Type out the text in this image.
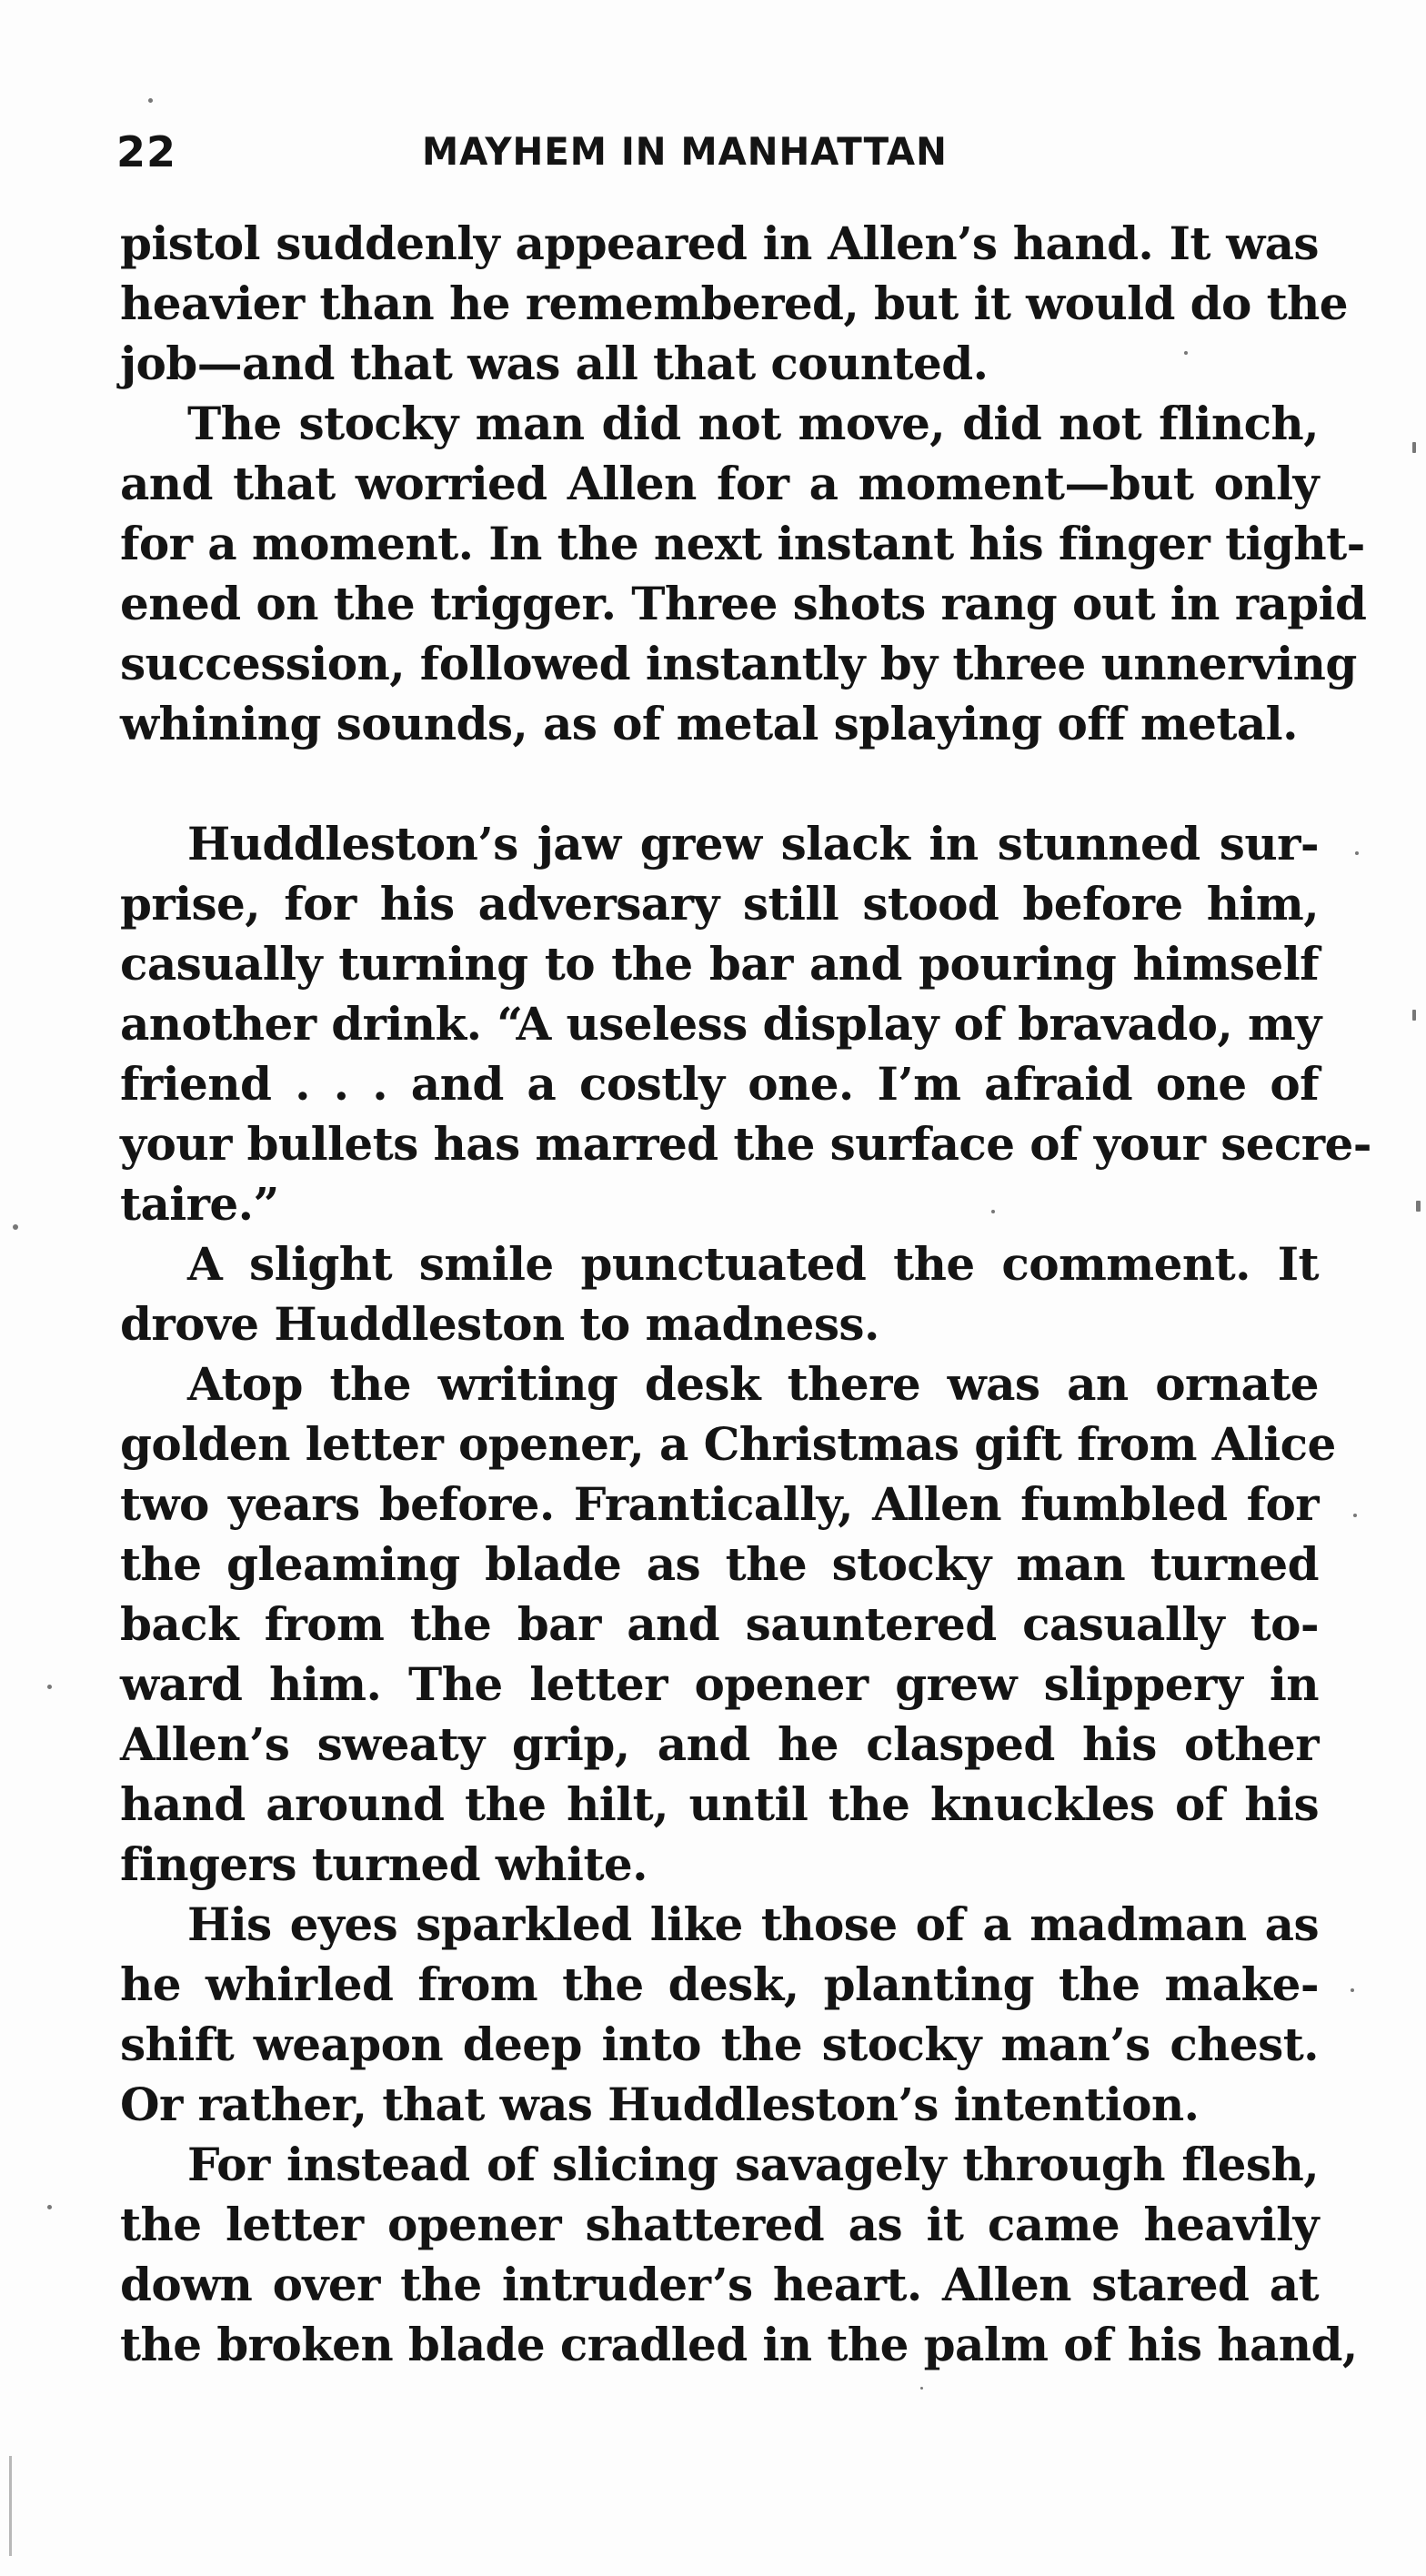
22	MAYHEM IN MANHATTAN
pistol suddenly appeared in Allen’s hand. It was
heavier than he remembered, but it would do the
job—and that was all that counted.
The stocky man did not move, did not flinch,
and that worried Allen for a moment—but only
for a moment. In the next instant his finger tight-
ened on the trigger. Three shots rang out in rapid
succession, followed instantly by three unnerving
whining sounds, as of metal splaying off metal.
Huddleston’s jaw grew slack in stunned sur-
prise, for his adversary still stood before him,
casually turning to the bar and pouring himself
another drink. “A useless display of bravado, my
friend . . . and a costly one. I’m afraid one of
your bullets has marred the surface of your secre-
taire.”
A slight smile punctuated the comment. It
drove Huddleston to madness.
Atop the writing desk there was an ornate
golden letter opener, a Christmas gift from Alice
two years before. Frantically, Allen fumbled for
the gleaming blade as the stocky man turned
back from the bar and sauntered casually to-
ward him. The letter opener grew slippery in
Allen’s sweaty grip, and he clasped his other
hand around the hilt, until the knuckles of his
fingers turned white.
His eyes sparkled like those of a madman as
he whirled from the desk, planting the make-
shift weapon deep into the stocky man’s chest.
Or rather, that was Huddleston’s intention.
For instead of slicing savagely through flesh,
the letter opener shattered as it came heavily
down over the intruder’s heart. Allen stared at
the broken blade cradled in the palm of his hand,
